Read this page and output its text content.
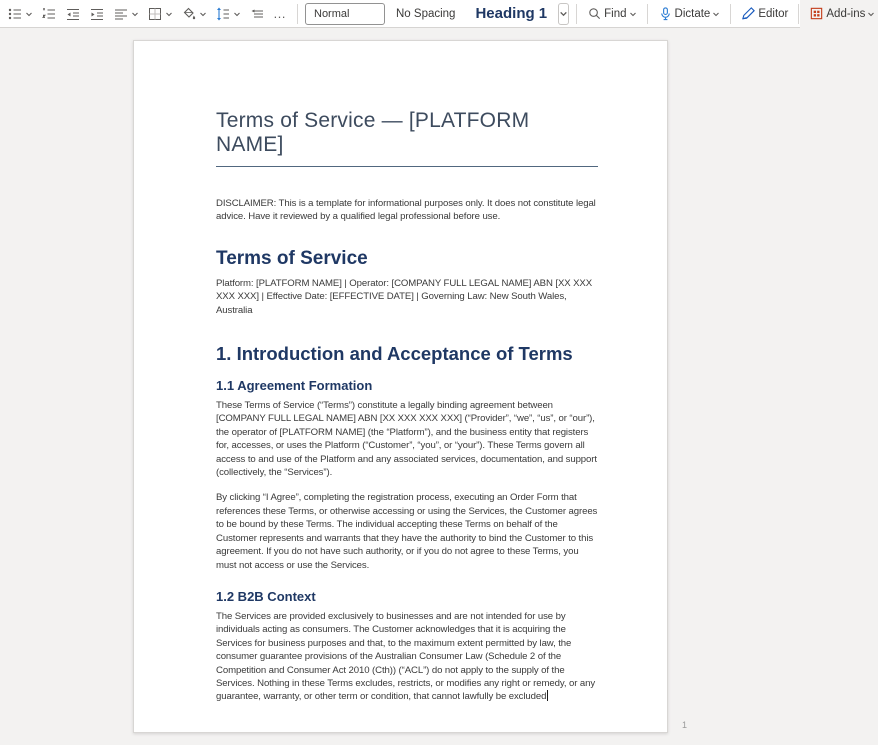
…	Normal	No Spacing	Heading 1	Find	Dictate	Editor	Add-ins
Terms of Service — [PLATFORM NAME]
DISCLAIMER: This is a template for informational purposes only. It does not constitute legal advice. Have it reviewed by a qualified legal professional before use.
Terms of Service
Platform: [PLATFORM NAME] | Operator: [COMPANY FULL LEGAL NAME] ABN [XX XXX XXX XXX] | Effective Date: [EFFECTIVE DATE] | Governing Law: New South Wales, Australia
1. Introduction and Acceptance of Terms
1.1 Agreement Formation
These Terms of Service (“Terms”) constitute a legally binding agreement between [COMPANY FULL LEGAL NAME] ABN [XX XXX XXX XXX] (“Provider”, “we”, “us”, or “our”), the operator of [PLATFORM NAME] (the “Platform”), and the business entity that registers for, accesses, or uses the Platform (“Customer”, “you”, or “your”). These Terms govern all access to and use of the Platform and any associated services, documentation, and support (collectively, the “Services”).
By clicking “I Agree”, completing the registration process, executing an Order Form that references these Terms, or otherwise accessing or using the Services, the Customer agrees to be bound by these Terms. The individual accepting these Terms on behalf of the Customer represents and warrants that they have the authority to bind the Customer to this agreement. If you do not have such authority, or if you do not agree to these Terms, you must not access or use the Services.
1.2 B2B Context
The Services are provided exclusively to businesses and are not intended for use by individuals acting as consumers. The Customer acknowledges that it is acquiring the Services for business purposes and that, to the maximum extent permitted by law, the consumer guarantee provisions of the Australian Consumer Law (Schedule 2 of the Competition and Consumer Act 2010 (Cth)) (“ACL”) do not apply to the supply of the Services. Nothing in these Terms excludes, restricts, or modifies any right or remedy, or any guarantee, warranty, or other term or condition, that cannot lawfully be excluded
1
